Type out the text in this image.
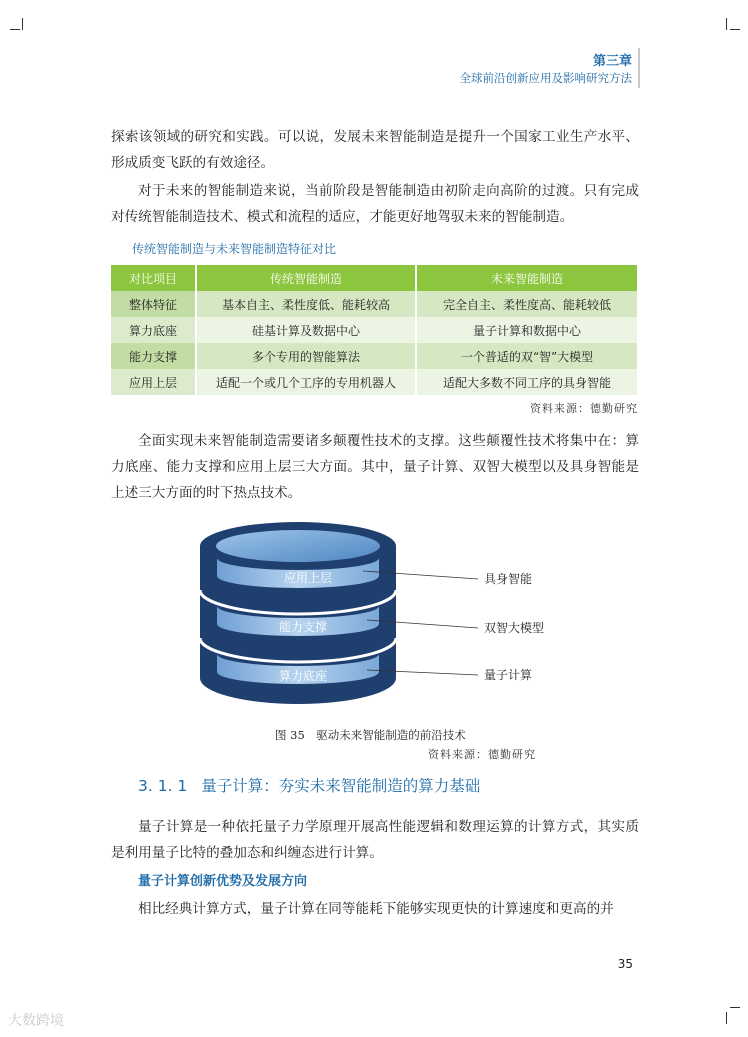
第三章
全球前沿创新应用及影响研究方法
探索该领域的研究和实践。可以说，发展未来智能制造是提升一个国家工业生产水平、形成质变飞跃的有效途径。
对于未来的智能制造来说，当前阶段是智能制造由初阶走向高阶的过渡。只有完成对传统智能制造技术、模式和流程的适应，才能更好地驾驭未来的智能制造。
传统智能制造与未来智能制造特征对比
对比项目	传统智能制造	未来智能制造
整体特征	基本自主、柔性度低、能耗较高	完全自主、柔性度高、能耗较低
算力底座	硅基计算及数据中心	量子计算和数据中心
能力支撑	多个专用的智能算法	一个普适的双“智”大模型
应用上层	适配一个或几个工序的专用机器人	适配大多数不同工序的具身智能
资料来源：德勤研究
全面实现未来智能制造需要诸多颠覆性技术的支撑。这些颠覆性技术将集中在：算力底座、能力支撑和应用上层三大方面。其中，量子计算、双智大模型以及具身智能是上述三大方面的时下热点技术。
应用上层
能力支撑
算力底座
具身智能
双智大模型
量子计算
图 35　驱动未来智能制造的前沿技术
资料来源：德勤研究
3. 1. 1 量子计算：夯实未来智能制造的算力基础
量子计算是一种依托量子力学原理开展高性能逻辑和数理运算的计算方式，其实质是利用量子比特的叠加态和纠缠态进行计算。
量子计算创新优势及发展方向
相比经典计算方式，量子计算在同等能耗下能够实现更快的计算速度和更高的并
35
大数跨境
